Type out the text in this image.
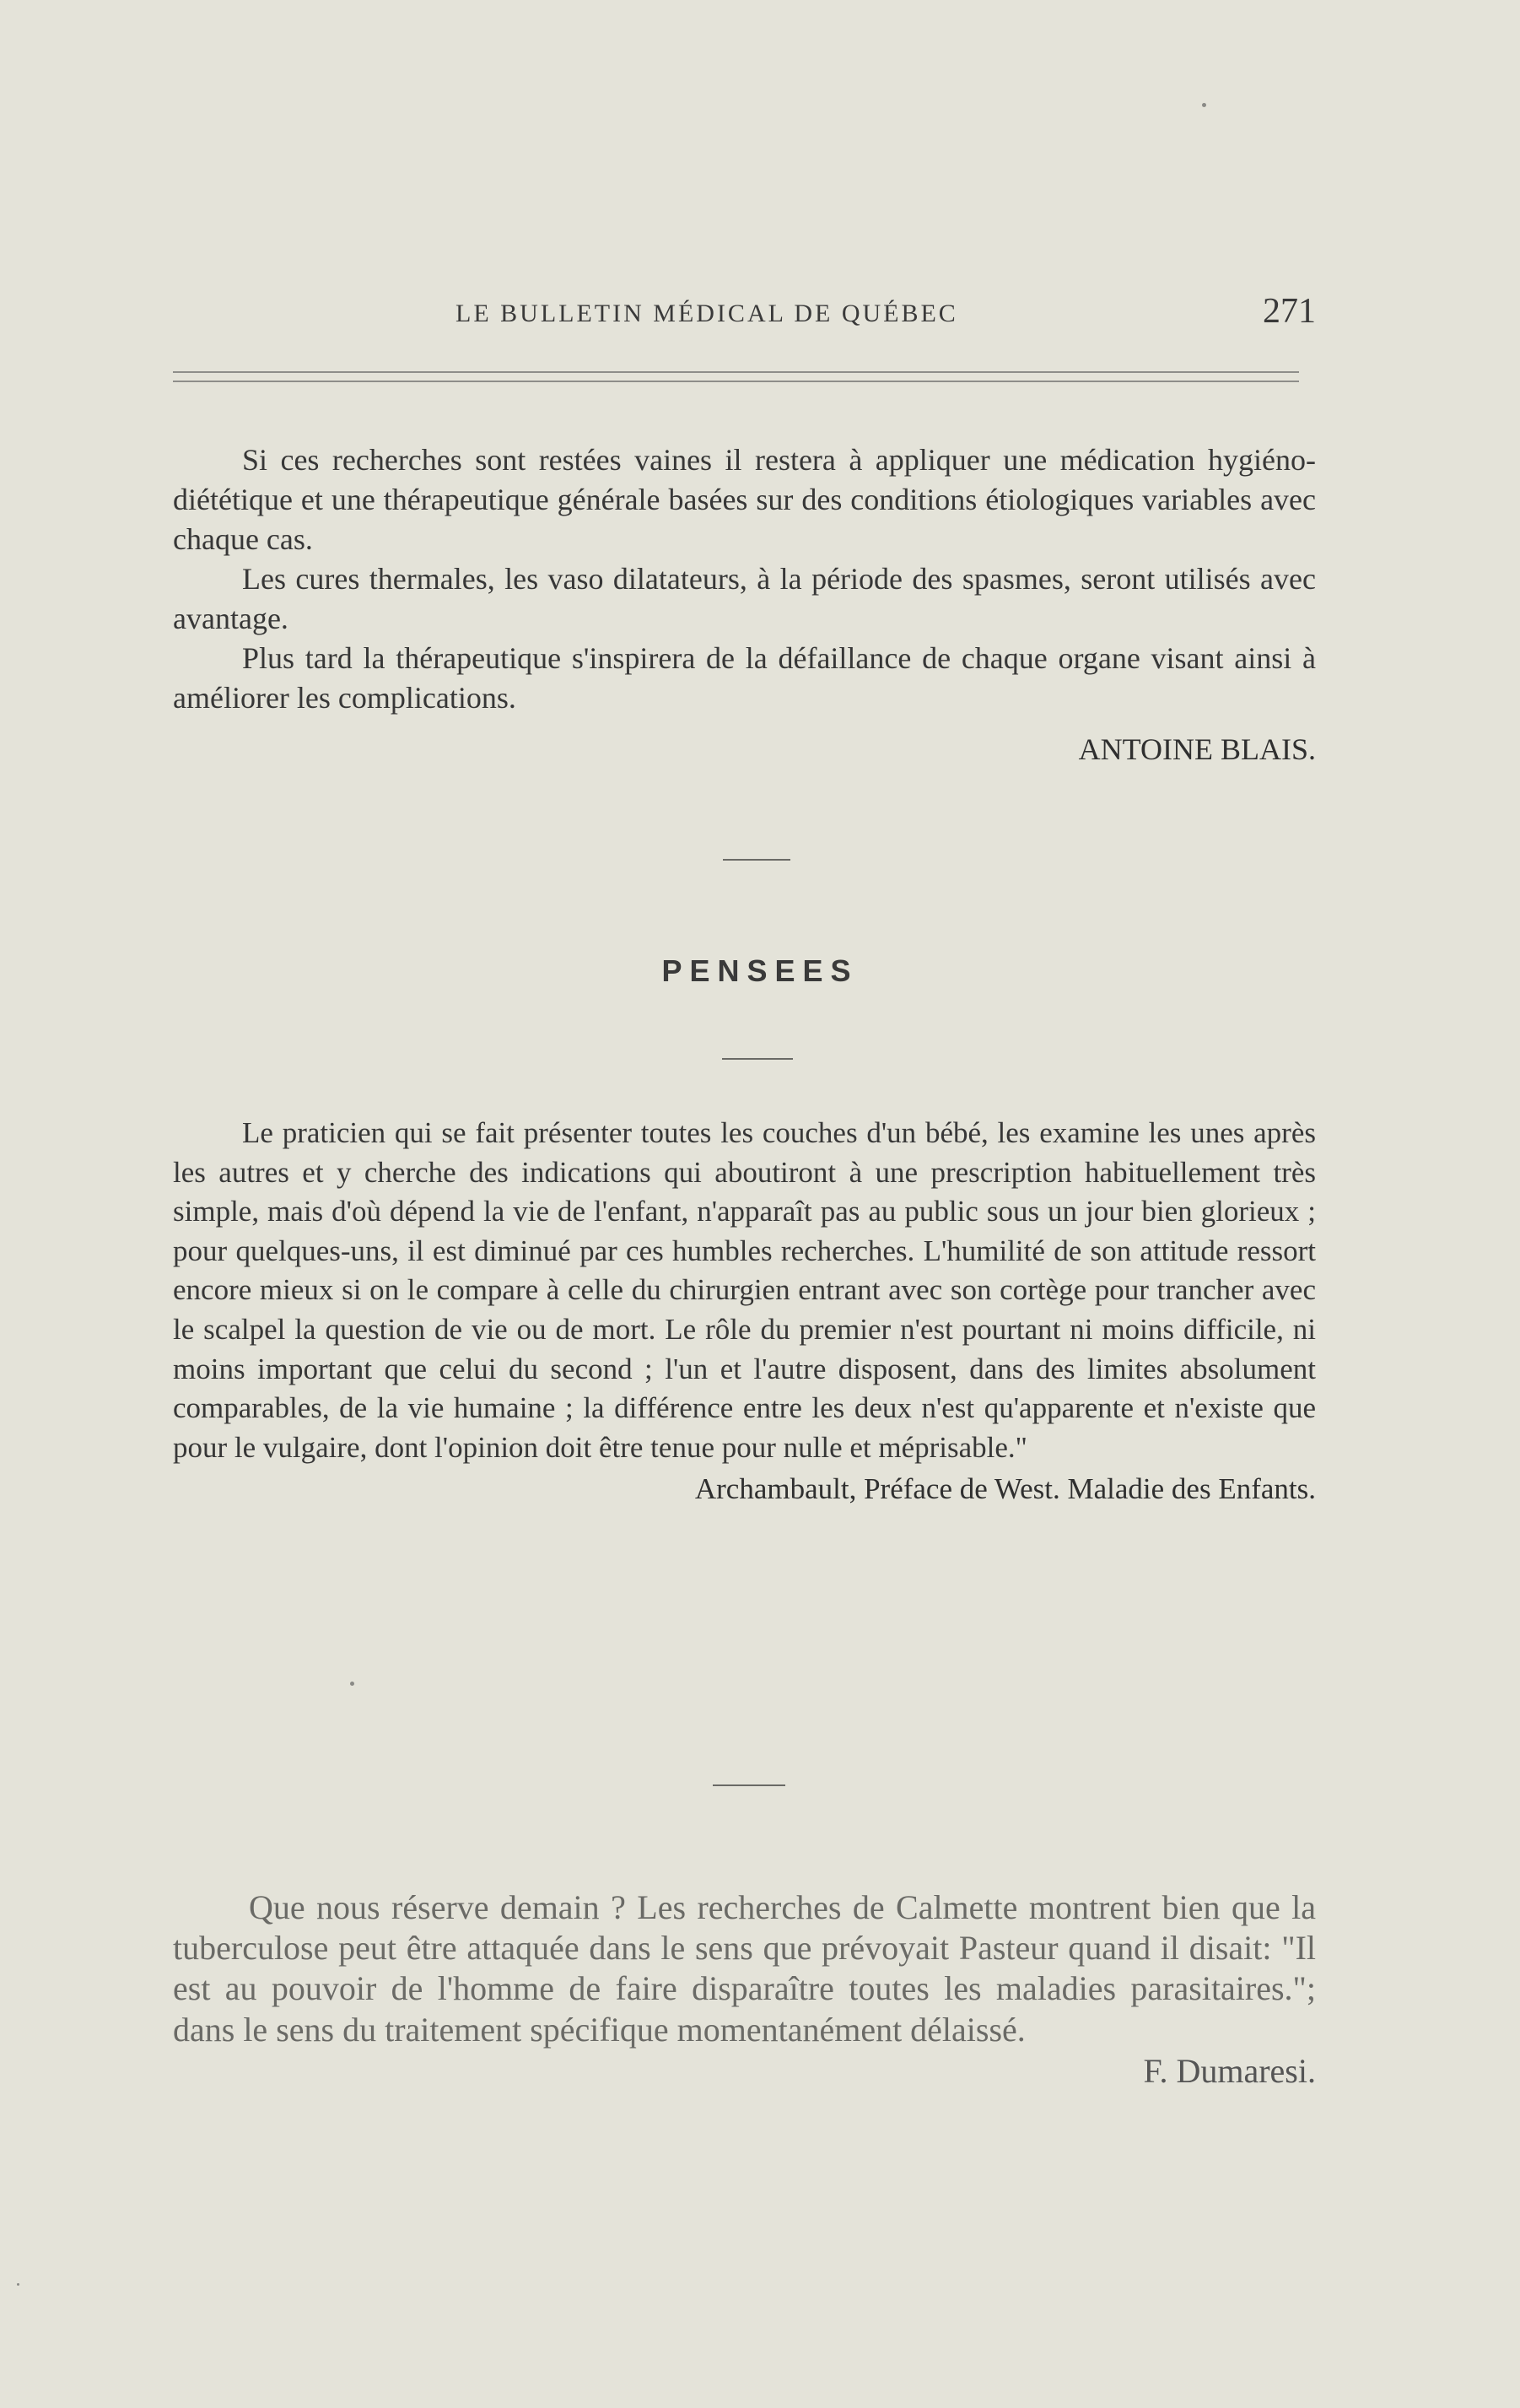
LE BULLETIN MÉDICAL DE QUÉBEC	271

Si ces recherches sont restées vaines il restera à appliquer une médication hygiéno-diététique et une thérapeutique générale basées sur des conditions étiologiques variables avec chaque cas.

Les cures thermales, les vaso dilatateurs, à la période des spasmes, seront utilisés avec avantage.

Plus tard la thérapeutique s'inspirera de la défaillance de chaque organe visant ainsi à améliorer les complications.

ANTOINE BLAIS.

PENSEES

Le praticien qui se fait présenter toutes les couches d'un bébé, les examine les unes après les autres et y cherche des indications qui aboutiront à une prescription habituellement très simple, mais d'où dépend la vie de l'enfant, n'apparaît pas au public sous un jour bien glorieux ; pour quelques-uns, il est diminué par ces humbles recherches. L'humilité de son attitude ressort encore mieux si on le compare à celle du chirurgien entrant avec son cortège pour trancher avec le scalpel la question de vie ou de mort. Le rôle du premier n'est pourtant ni moins difficile, ni moins important que celui du second ; l'un et l'autre disposent, dans des limites absolument comparables, de la vie humaine ; la différence entre les deux n'est qu'apparente et n'existe que pour le vulgaire, dont l'opinion doit être tenue pour nulle et méprisable."

Archambault, Préface de West. Maladie des Enfants.

Que nous réserve demain ? Les recherches de Calmette montrent bien que la tuberculose peut être attaquée dans le sens que prévoyait Pasteur quand il disait: "Il est au pouvoir de l'homme de faire disparaître toutes les maladies parasitaires."; dans le sens du traitement spécifique momentanément délaissé.

F. Dumaresi.
